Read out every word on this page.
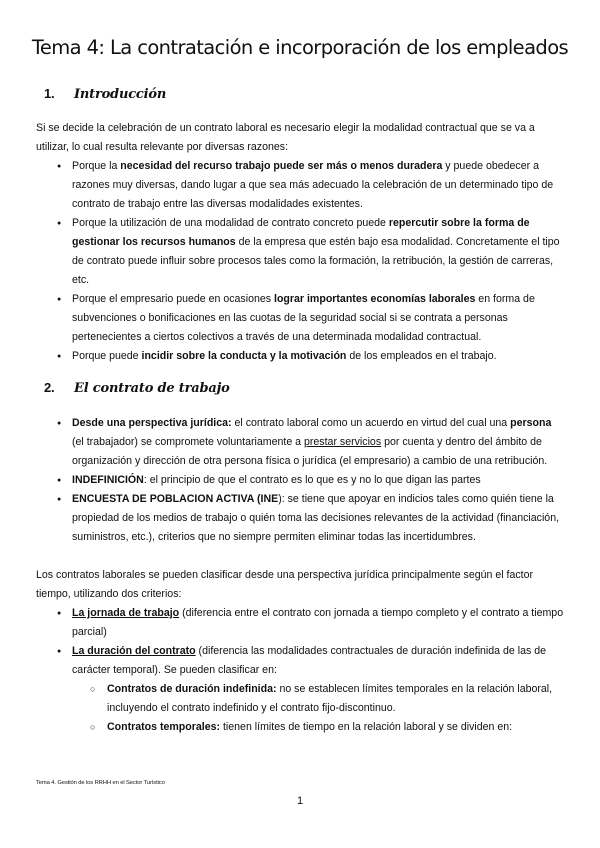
Tema 4: La contratación e incorporación de los empleados
1. Introducción
Si se decide la celebración de un contrato laboral es necesario elegir la modalidad contractual que se va a utilizar, lo cual resulta relevante por diversas razones:
● Porque la necesidad del recurso trabajo puede ser más o menos duradera y puede obedecer a razones muy diversas, dando lugar a que sea más adecuado la celebración de un determinado tipo de contrato de trabajo entre las diversas modalidades existentes.
● Porque la utilización de una modalidad de contrato concreto puede repercutir sobre la forma de gestionar los recursos humanos de la empresa que estén bajo esa modalidad. Concretamente el tipo de contrato puede influir sobre procesos tales como la formación, la retribución, la gestión de carreras, etc.
● Porque el empresario puede en ocasiones lograr importantes economías laborales en forma de subvenciones o bonificaciones en las cuotas de la seguridad social si se contrata a personas pertenecientes a ciertos colectivos a través de una determinada modalidad contractual.
● Porque puede incidir sobre la conducta y la motivación de los empleados en el trabajo.
2. El contrato de trabajo
● Desde una perspectiva jurídica: el contrato laboral como un acuerdo en virtud del cual una persona (el trabajador) se compromete voluntariamente a prestar servicios por cuenta y dentro del ámbito de organización y dirección de otra persona física o jurídica (el empresario) a cambio de una retribución.
● INDEFINICIÓN: el principio de que el contrato es lo que es y no lo que digan las partes
● ENCUESTA DE POBLACION ACTIVA (INE): se tiene que apoyar en indicios tales como quién tiene la propiedad de los medios de trabajo o quién toma las decisiones relevantes de la actividad (financiación, suministros, etc.), criterios que no siempre permiten eliminar todas las incertidumbres.
Los contratos laborales se pueden clasificar desde una perspectiva jurídica principalmente según el factor tiempo, utilizando dos criterios:
● La jornada de trabajo (diferencia entre el contrato con jornada a tiempo completo y el contrato a tiempo parcial)
● La duración del contrato (diferencia las modalidades contractuales de duración indefinida de las de carácter temporal). Se pueden clasificar en:
○ Contratos de duración indefinida: no se establecen límites temporales en la relación laboral, incluyendo el contrato indefinido y el contrato fijo-discontinuo.
○ Contratos temporales: tienen límites de tiempo en la relación laboral y se dividen en:
Tema 4. Gestión de los RRHH en el Sector Turístico
1
